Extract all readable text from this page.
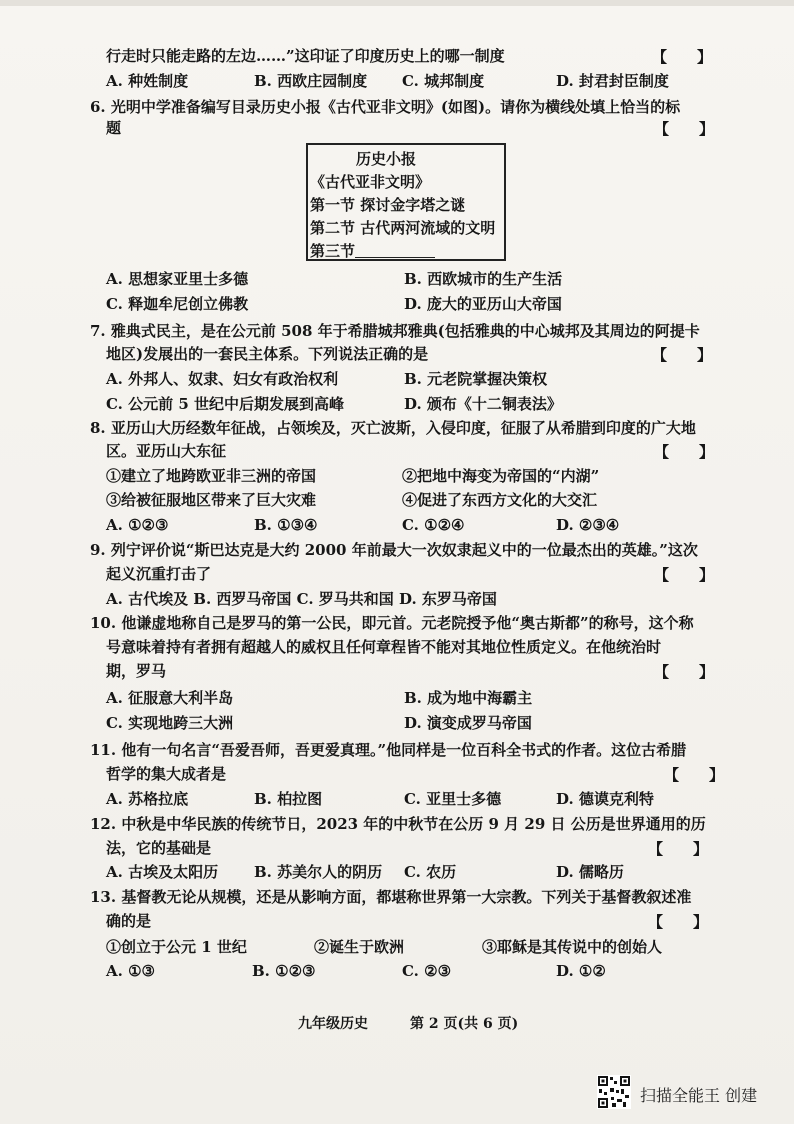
行走时只能走路的左边……”这印证了印度历史上的哪一制度	【　　】
A. 种姓制度	B. 西欧庄园制度 C. 城邦制度	D. 封君封臣制度
6. 光明中学准备编写目录历史小报《古代亚非文明》(如图)。请你为横线处填上恰当的标
题	【　　】
历史小报
《古代亚非文明》
第一节 探讨金字塔之谜
第二节 古代两河流域的文明
第三节
A. 思想家亚里士多德	B. 西欧城市的生产生活
C. 释迦牟尼创立佛教	D. 庞大的亚历山大帝国
7. 雅典式民主，是在公元前 508 年于希腊城邦雅典(包括雅典的中心城邦及其周边的阿提卡
地区)发展出的一套民主体系。下列说法正确的是	【　　】
A. 外邦人、奴隶、妇女有政治权利	B. 元老院掌握决策权
C. 公元前 5 世纪中后期发展到高峰	D. 颁布《十二铜表法》
8. 亚历山大历经数年征战，占领埃及，灭亡波斯，入侵印度，征服了从希腊到印度的广大地
区。亚历山大东征	【　　】
①建立了地跨欧亚非三洲的帝国	②把地中海变为帝国的“内湖”
③给被征服地区带来了巨大灾难	④促进了东西方文化的大交汇
A. ①②③	B. ①③④	C. ①②④	D. ②③④
9. 列宁评价说“斯巴达克是大约 2000 年前最大一次奴隶起义中的一位最杰出的英雄。”这次
起义沉重打击了	【　　】
A. 古代埃及 B. 西罗马帝国 C. 罗马共和国 D. 东罗马帝国
10. 他谦虚地称自己是罗马的第一公民，即元首。元老院授予他“奥古斯都”的称号，这个称
号意味着持有者拥有超越人的威权且任何章程皆不能对其地位性质定义。在他统治时
期，罗马	【　　】
A. 征服意大利半岛	B. 成为地中海霸主
C. 实现地跨三大洲	D. 演变成罗马帝国
11. 他有一句名言“吾爱吾师，吾更爱真理。”他同样是一位百科全书式的作者。这位古希腊
哲学的集大成者是	【　　】
A. 苏格拉底	B. 柏拉图	C. 亚里士多德	D. 德谟克利特
12. 中秋是中华民族的传统节日，2023 年的中秋节在公历 9 月 29 日 公历是世界通用的历
法，它的基础是	【　　】
A. 古埃及太阳历 B. 苏美尔人的阴历 C. 农历	D. 儒略历
13. 基督教无论从规模，还是从影响方面，都堪称世界第一大宗教。下列关于基督教叙述准
确的是	【　　】
①创立于公元 1 世纪	②诞生于欧洲	③耶稣是其传说中的创始人
A. ①③	B. ①②③	C. ②③	D. ①②
九年级历史	第 2 页(共 6 页)
扫描全能王 创建
